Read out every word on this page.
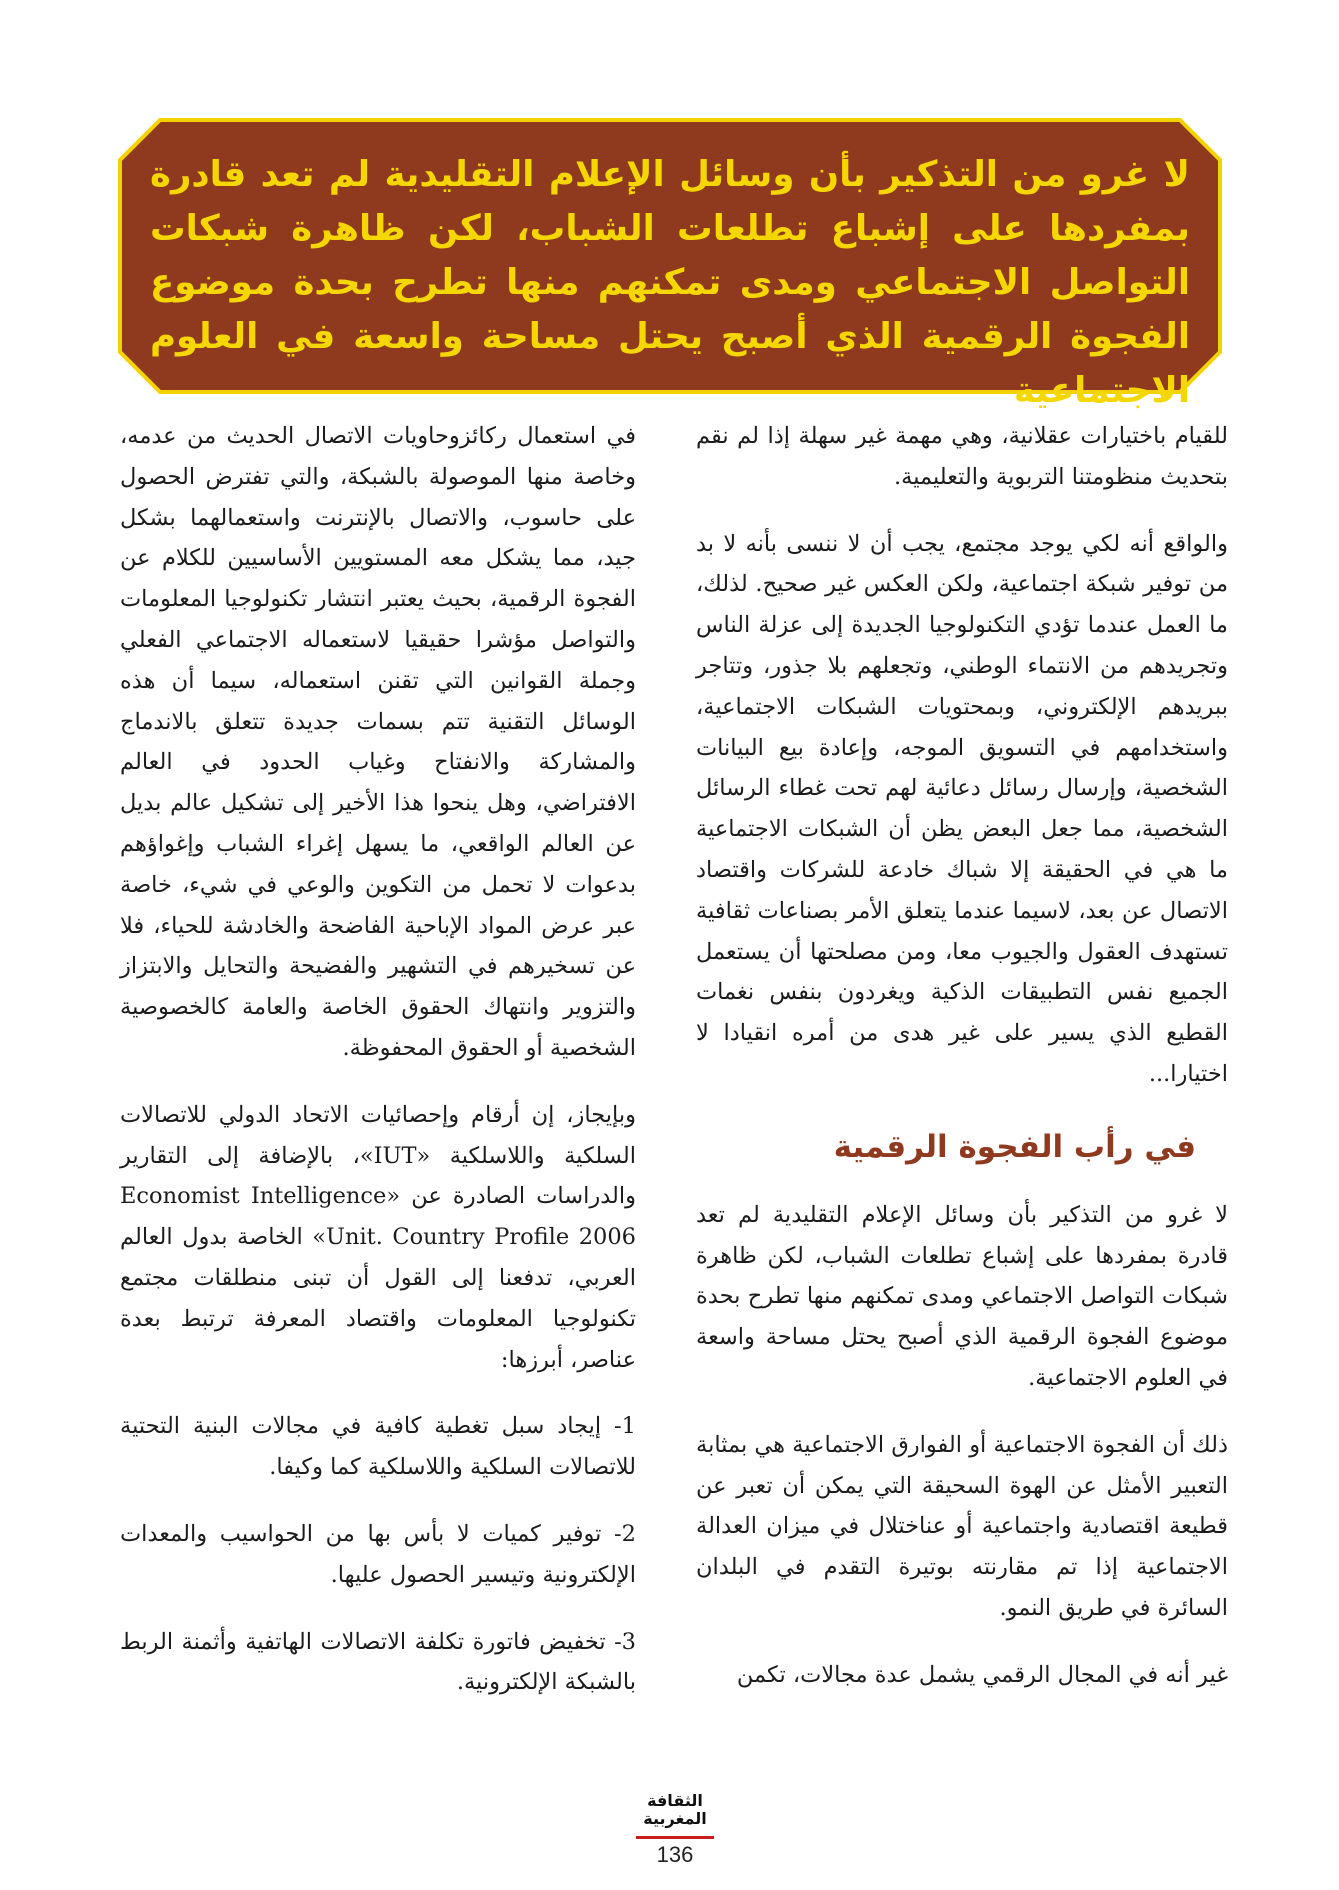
لا غرو من التذكير بأن وسائل الإعلام التقليدية لم تعد قادرة بمفردها على إشباع تطلعات الشباب، لكن ظاهرة شبكات التواصل الاجتماعي ومدى تمكنهم منها تطرح بحدة موضوع الفجوة الرقمية الذي أصبح يحتل مساحة واسعة في العلوم الاجتماعية

للقيام باختيارات عقلانية، وهي مهمة غير سهلة إذا لم نقم بتحديث منظومتنا التربوية والتعليمية.

والواقع أنه لكي يوجد مجتمع، يجب أن لا ننسى بأنه لا بد من توفير شبكة اجتماعية، ولكن العكس غير صحيح. لذلك، ما العمل عندما تؤدي التكنولوجيا الجديدة إلى عزلة الناس وتجريدهم من الانتماء الوطني، وتجعلهم بلا جذور، وتتاجر ببريدهم الإلكتروني، وبمحتويات الشبكات الاجتماعية، واستخدامهم في التسويق الموجه، وإعادة بيع البيانات الشخصية، وإرسال رسائل دعائية لهم تحت غطاء الرسائل الشخصية، مما جعل البعض يظن أن الشبكات الاجتماعية ما هي في الحقيقة إلا شباك خادعة للشركات واقتصاد الاتصال عن بعد، لاسيما عندما يتعلق الأمر بصناعات ثقافية تستهدف العقول والجيوب معا، ومن مصلحتها أن يستعمل الجميع نفس التطبيقات الذكية ويغردون بنفس نغمات القطيع الذي يسير على غير هدى من أمره انقيادا لا اختيارا...

في رأب الفجوة الرقمية

لا غرو من التذكير بأن وسائل الإعلام التقليدية لم تعد قادرة بمفردها على إشباع تطلعات الشباب، لكن ظاهرة شبكات التواصل الاجتماعي ومدى تمكنهم منها تطرح بحدة موضوع الفجوة الرقمية الذي أصبح يحتل مساحة واسعة في العلوم الاجتماعية.

ذلك أن الفجوة الاجتماعية أو الفوارق الاجتماعية هي بمثابة التعبير الأمثل عن الهوة السحيقة التي يمكن أن تعبر عن قطيعة اقتصادية واجتماعية أو عناختلال في ميزان العدالة الاجتماعية إذا تم مقارنته بوتيرة التقدم في البلدان السائرة في طريق النمو.

غير أنه في المجال الرقمي يشمل عدة مجالات، تكمن

في استعمال ركائزوحاويات الاتصال الحديث من عدمه، وخاصة منها الموصولة بالشبكة، والتي تفترض الحصول على حاسوب، والاتصال بالإنترنت واستعمالهما بشكل جيد، مما يشكل معه المستويين الأساسيين للكلام عن الفجوة الرقمية، بحيث يعتبر انتشار تكنولوجيا المعلومات والتواصل مؤشرا حقيقيا لاستعماله الاجتماعي الفعلي وجملة القوانين التي تقنن استعماله، سيما أن هذه الوسائل التقنية تتم بسمات جديدة تتعلق بالاندماج والمشاركة والانفتاح وغياب الحدود في العالم الافتراضي، وهل ينحوا هذا الأخير إلى تشكيل عالم بديل عن العالم الواقعي، ما يسهل إغراء الشباب وإغواؤهم بدعوات لا تحمل من التكوين والوعي في شيء، خاصة عبر عرض المواد الإباحية الفاضحة والخادشة للحياء، فلا عن تسخيرهم في التشهير والفضيحة والتحايل والابتزاز والتزوير وانتهاك الحقوق الخاصة والعامة كالخصوصية الشخصية أو الحقوق المحفوظة.

وبإيجاز، إن أرقام وإحصائيات الاتحاد الدولي للاتصالات السلكية واللاسلكية «IUT»، بالإضافة إلى التقارير والدراسات الصادرة عن «Economist Intelligence Unit. Country Profile 2006» الخاصة بدول العالم العربي، تدفعنا إلى القول أن تبنى منطلقات مجتمع تكنولوجيا المعلومات واقتصاد المعرفة ترتبط بعدة عناصر، أبرزها:

1- إيجاد سبل تغطية كافية في مجالات البنية التحتية للاتصالات السلكية واللاسلكية كما وكيفا.

2- توفير كميات لا بأس بها من الحواسيب والمعدات الإلكترونية وتيسير الحصول عليها.

3- تخفيض فاتورة تكلفة الاتصالات الهاتفية وأثمنة الربط بالشبكة الإلكترونية.

الثقافة
المغربية
136
